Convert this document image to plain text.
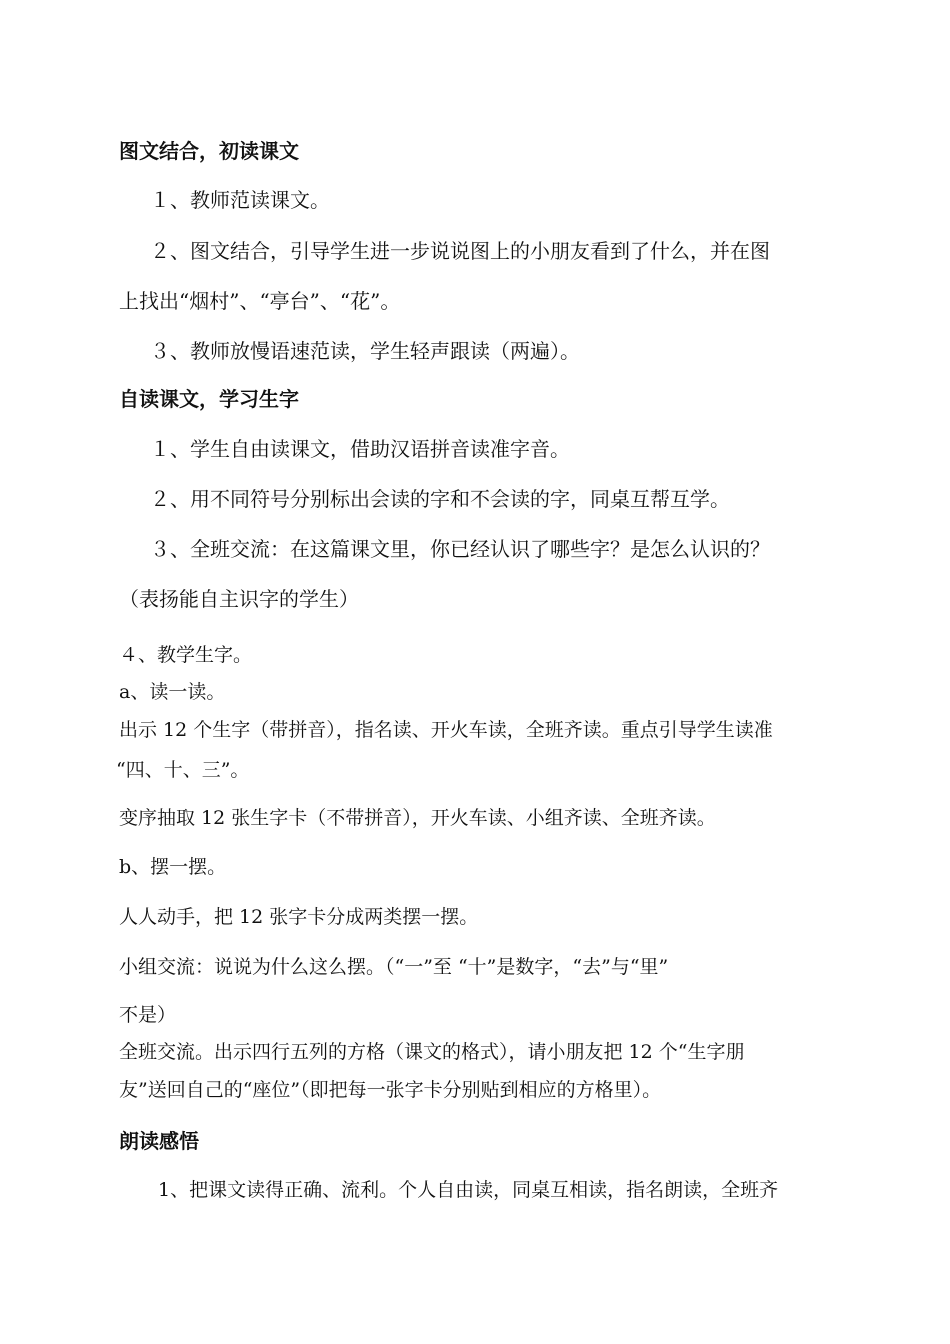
图文结合，初读课文
１、教师范读课文。
２、图文结合，引导学生进一步说说图上的小朋友看到了什么，并在图
上找出“烟村”、“亭台”、“花”。
３、教师放慢语速范读，学生轻声跟读（两遍）。
自读课文，学习生字
１、学生自由读课文，借助汉语拼音读准字音。
２、用不同符号分别标出会读的字和不会读的字，同桌互帮互学。
３、全班交流：在这篇课文里，你已经认识了哪些字？是怎么认识的？
（表扬能自主识字的学生）
４、教学生字。
a、读一读。
出示 12 个生字（带拼音），指名读、开火车读，全班齐读。重点引导学生读准
“四、十、三”。
变序抽取 12 张生字卡（不带拼音），开火车读、小组齐读、全班齐读。
b、摆一摆。
人人动手，把 12 张字卡分成两类摆一摆。
小组交流：说说为什么这么摆。（“一”至 “十”是数字，“去”与“里”
不是）
全班交流。出示四行五列的方格（课文的格式），请小朋友把 12 个“生字朋
友”送回自己的“座位”（即把每一张字卡分别贴到相应的方格里）。
朗读感悟
1、把课文读得正确、流利。个人自由读，同桌互相读，指名朗读，全班齐
